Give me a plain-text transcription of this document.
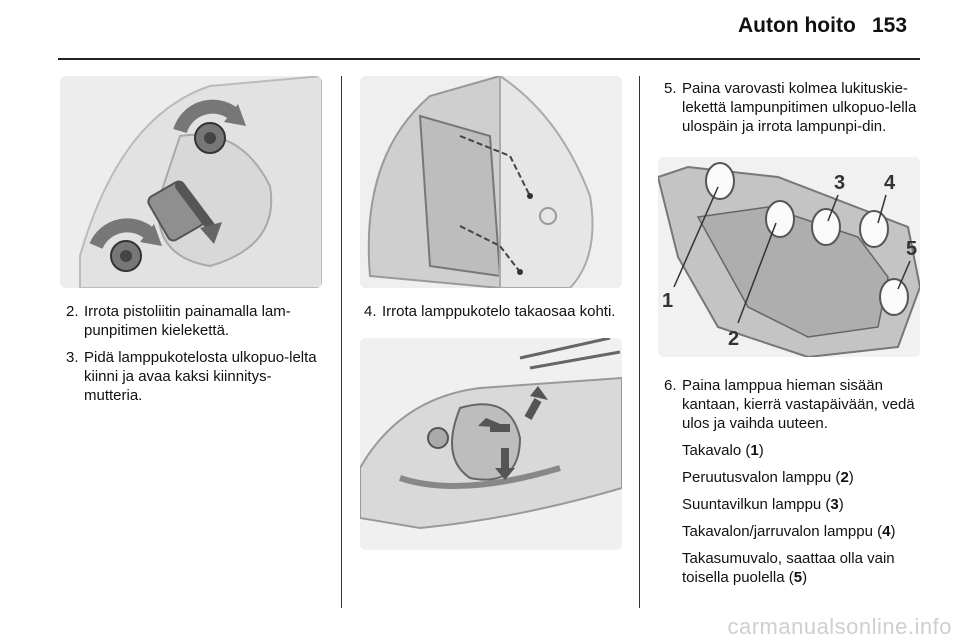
Auton hoito 153

2. Irrota pistoliitin painamalla lam-punpitimen kielekettä.

3. Pidä lamppukotelosta ulkopuo-lelta kiinni ja avaa kaksi kiinnitys-mutteria.

4. Irrota lamppukotelo takaosaa kohti.

5. Paina varovasti kolmea lukituskie-lekettä lampunpitimen ulkopuo-lella ulospäin ja irrota lampunpi-din.

1
2
3 4
5

6. Paina lamppua hieman sisään kantaan, kierrä vastapäivään, vedä ulos ja vaihda uuteen.

Takavalo (1)

Peruutusvalon lamppu (2)

Suuntavilkun lamppu (3)

Takavalon/jarruvalon lamppu (4)

Takasumuvalo, saattaa olla vain toisella puolella (5)

carmanualsonline.info
